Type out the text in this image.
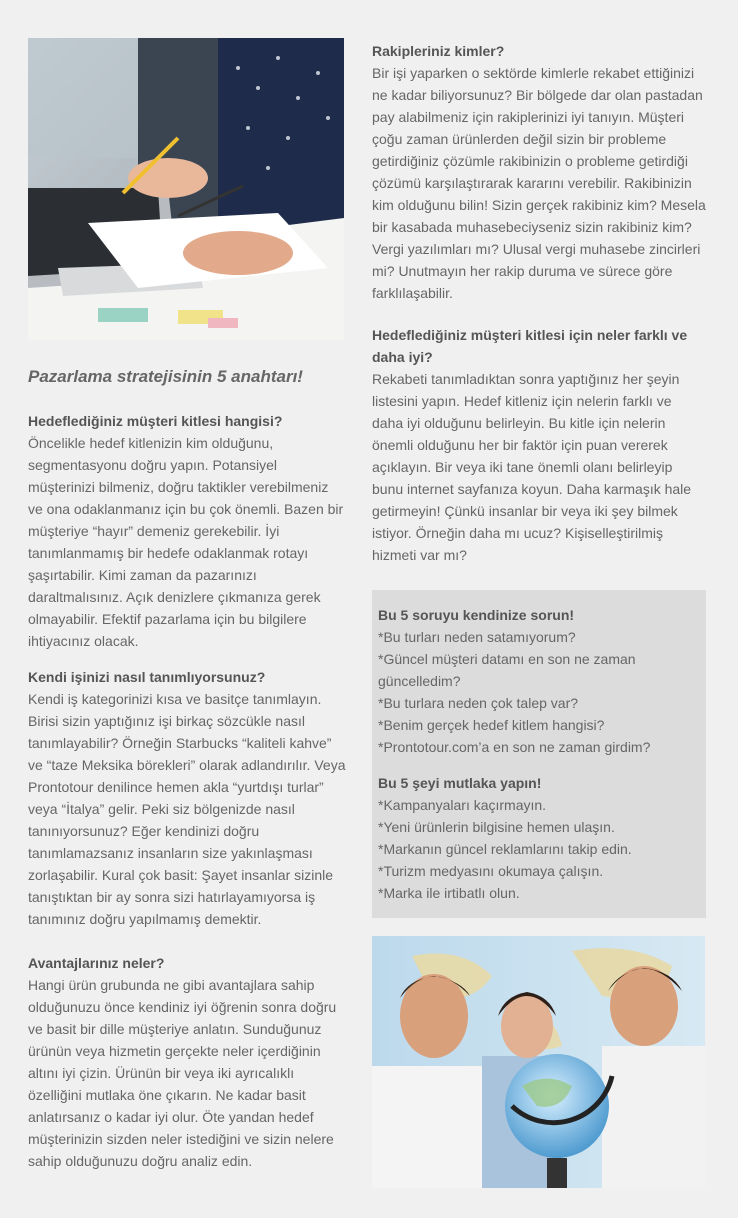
Pazarlama stratejisinin 5 anahtarı!
Hedeflediğiniz müşteri kitlesi hangisi?
Öncelikle hedef kitlenizin kim olduğunu, segmentasyonu doğru yapın. Potansiyel müşterinizi bilmeniz, doğru taktikler verebilmeniz ve ona odaklanmanız için bu çok önemli. Bazen bir müşteriye “hayır” demeniz gerekebilir. İyi tanımlanmamış bir hedefe odaklanmak rotayı şaşırtabilir. Kimi zaman da pazarınızı daraltmalısınız. Açık denizlere çıkmanıza gerek olmayabilir. Efektif pazarlama için bu bilgilere ihtiyacınız olacak.
Kendi işinizi nasıl tanımlıyorsunuz?
Kendi iş kategorinizi kısa ve basitçe tanımlayın. Birisi sizin yaptığınız işi birkaç sözcükle nasıl tanımlayabilir? Örneğin Starbucks “kaliteli kahve” ve “taze Meksika börekleri” olarak adlandırılır. Veya Prontotour denilince hemen akla “yurtdışı turlar” veya “İtalya” gelir. Peki siz bölgenizde nasıl tanınıyorsunuz? Eğer kendinizi doğru tanımlamazsanız insanların size yakınlaşması zorlaşabilir. Kural çok basit: Şayet insanlar sizinle tanıştıktan bir ay sonra sizi hatırlayamıyorsa iş tanımınız doğru yapılmamış demektir.
Avantajlarınız neler?
Hangi ürün grubunda ne gibi avantajlara sahip olduğunuzu önce kendiniz iyi öğrenin sonra doğru ve basit bir dille müşteriye anlatın. Sunduğunuz ürünün veya hizmetin gerçekte neler içerdiğinin altını iyi çizin. Ürünün bir veya iki ayrıcalıklı özelliğini mutlaka öne çıkarın. Ne kadar basit anlatırsanız o kadar iyi olur. Öte yandan hedef müşterinizin sizden neler istediğini ve sizin nelere sahip olduğunuzu doğru analiz edin.
Rakipleriniz kimler?
Bir işi yaparken o sektörde kimlerle rekabet ettiğinizi ne kadar biliyorsunuz? Bir bölgede dar olan pastadan pay alabilmeniz için rakiplerinizi iyi tanıyın. Müşteri çoğu zaman ürünlerden değil sizin bir probleme getirdiğiniz çözümle rakibinizin o probleme getirdiği çözümü karşılaştırarak kararını verebilir. Rakibinizin kim olduğunu bilin! Sizin gerçek rakibiniz kim? Mesela bir kasabada muhasebeciyseniz sizin rakibiniz kim? Vergi yazılımları mı? Ulusal vergi muhasebe zincirleri mi? Unutmayın her rakip duruma ve sürece göre farklılaşabilir.
Hedeflediğiniz müşteri kitlesi için neler farklı ve daha iyi?
Rekabeti tanımladıktan sonra yaptığınız her şeyin listesini yapın. Hedef kitleniz için nelerin farklı ve daha iyi olduğunu belirleyin. Bu kitle için nelerin önemli olduğunu her bir faktör için puan vererek açıklayın. Bir veya iki tane önemli olanı belirleyip bunu internet sayfanıza koyun. Daha karmaşık hale getirmeyin! Çünkü insanlar bir veya iki şey bilmek istiyor. Örneğin daha mı ucuz? Kişiselleştirilmiş hizmeti var mı?
Bu 5 soruyu kendinize sorun!
*Bu turları neden satamıyorum?
*Güncel müşteri datamı en son ne zaman güncelledim?
*Bu turlara neden çok talep var?
*Benim gerçek hedef kitlem hangisi?
*Prontotour.com’a en son ne zaman girdim?
Bu 5 şeyi mutlaka yapın!
*Kampanyaları kaçırmayın.
*Yeni ürünlerin bilgisine hemen ulaşın.
*Markanın güncel reklamlarını takip edin.
*Turizm medyasını okumaya çalışın.
*Marka ile irtibatlı olun.
